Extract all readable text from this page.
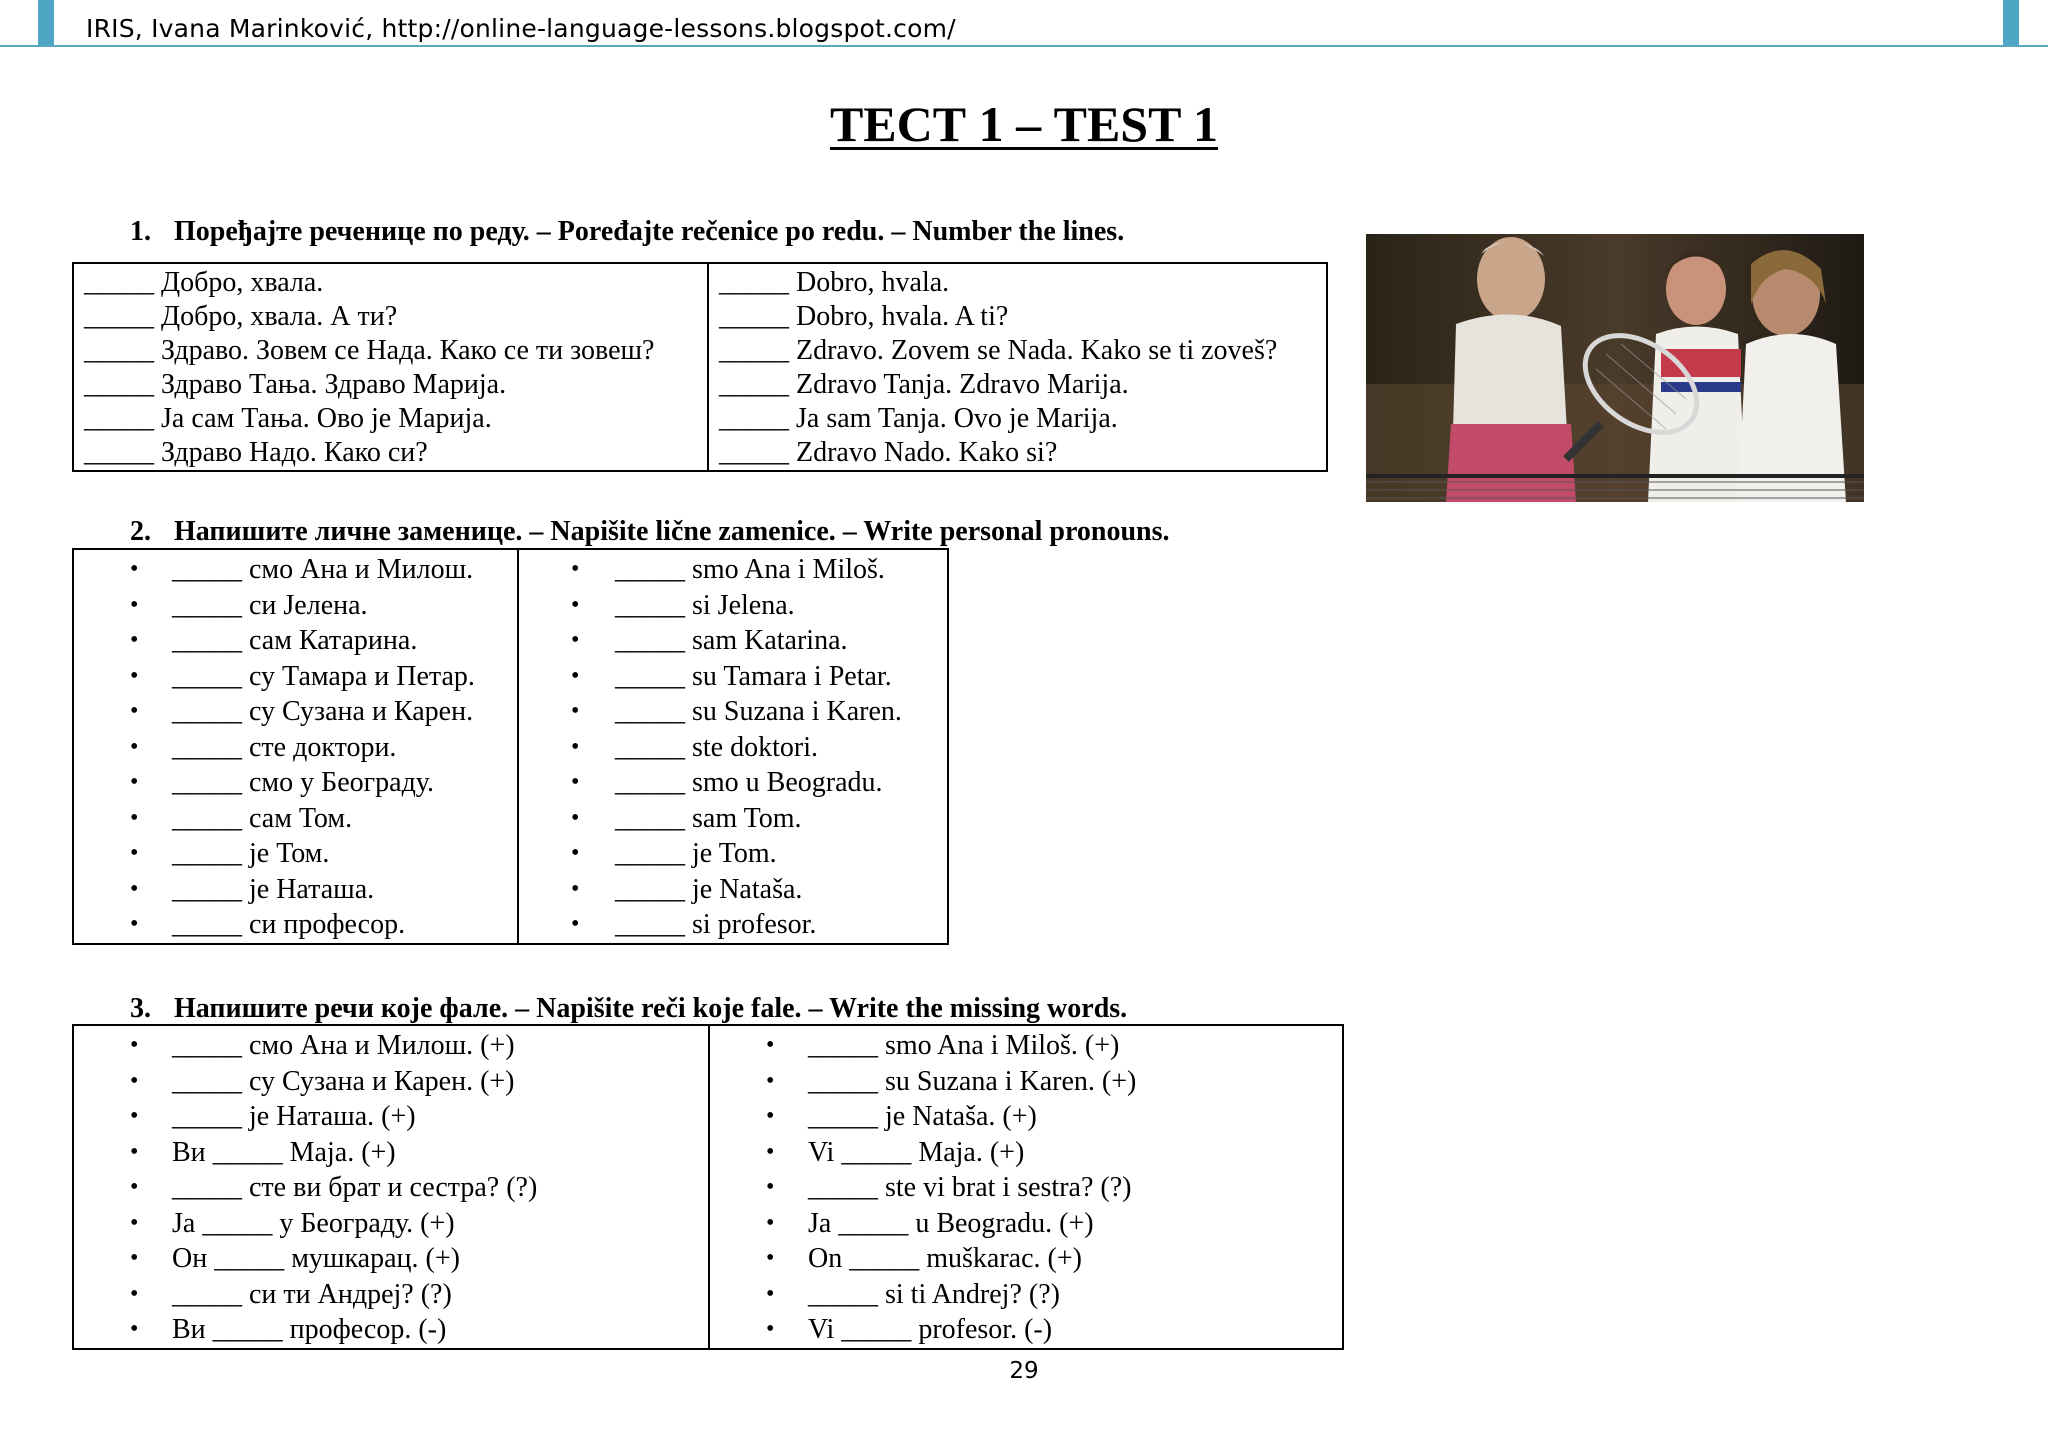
IRIS, Ivana Marinković, http://online-language-lessons.blogspot.com/
ТЕСТ 1 – TEST 1
1. Поређајте реченице по реду. – Poređajte rečenice po redu. – Number the lines.
_____ Добро, хвала.
_____ Добро, хвала. А ти?
_____ Здраво. Зовем се Нада. Како се ти зовеш?
_____ Здраво Тања. Здраво Марија.
_____ Ја сам Тања. Ово је Марија.
_____ Здраво Надо. Како си?

_____ Dobro, hvala.
_____ Dobro, hvala. A ti?
_____ Zdravo. Zovem se Nada. Kako se ti zoveš?
_____ Zdravo Tanja. Zdravo Marija.
_____ Ja sam Tanja. Ovo je Marija.
_____ Zdravo Nado. Kako si?
2. Напишите личне заменице. – Napišite lične zamenice. – Write personal pronouns.
• _____ смо Ана и Милош.
• _____ си Јелена.
• _____ сам Катарина.
• _____ су Тамара и Петар.
• _____ су Сузана и Карен.
• _____ сте доктори.
• _____ смо у Београду.
• _____ сам Том.
• _____ је Том.
• _____ је Наташа.
• _____ си професор.

• _____ smo Ana i Miloš.
• _____ si Jelena.
• _____ sam Katarina.
• _____ su Tamara i Petar.
• _____ su Suzana i Karen.
• _____ ste doktori.
• _____ smo u Beogradu.
• _____ sam Tom.
• _____ je Tom.
• _____ je Nataša.
• _____ si profesor.
3. Напишите речи које фале. – Napišite reči koje fale. – Write the missing words.
• _____ смо Ана и Милош. (+)
• _____ су Сузана и Карен. (+)
• _____ је Наташа. (+)
• Ви _____ Маја. (+)
• _____ сте ви брат и сестра? (?)
• Ја _____ у Београду. (+)
• Он _____ мушкарац. (+)
• _____ си ти Андреј? (?)
• Ви _____ професор. (-)

• _____ smo Ana i Miloš. (+)
• _____ su Suzana i Karen. (+)
• _____ je Nataša. (+)
• Vi _____ Maja. (+)
• _____ ste vi brat i sestra? (?)
• Ja _____ u Beogradu. (+)
• On _____ muškarac. (+)
• _____ si ti Andrej? (?)
• Vi _____ profesor. (-)
29
